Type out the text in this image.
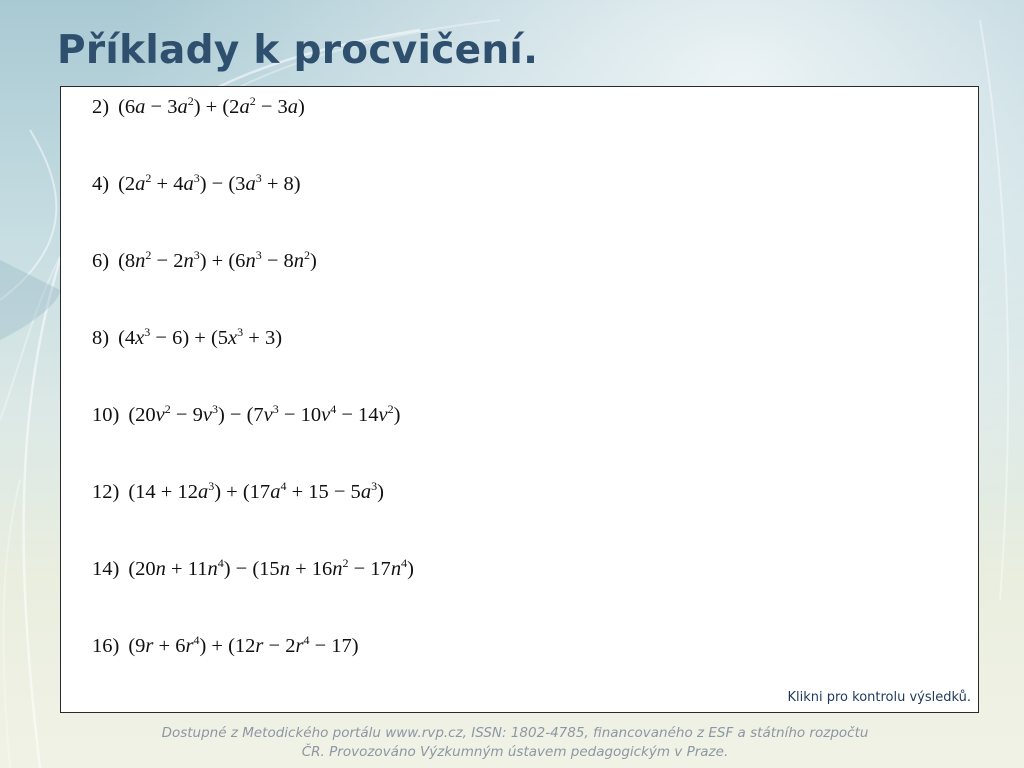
Příklady k procvičení.
2) $(6a - 3a^2) + (2a^2 - 3a)$
4) $(2a^2 + 4a^3) - (3a^3 + 8)$
6) $(8n^2 - 2n^3) + (6n^3 - 8n^2)$
8) $(4x^3 - 6) + (5x^3 + 3)$
10) $(20v^2 - 9v^3) - (7v^3 - 10v^4 - 14v^2)$
12) $(14 + 12a^3) + (17a^4 + 15 - 5a^3)$
14) $(20n + 11n^4) - (15n + 16n^2 - 17n^4)$
16) $(9r + 6r^4) + (12r - 2r^4 - 17)$
Klikni pro kontrolu výsledků.
Dostupné z Metodického portálu www.rvp.cz, ISSN: 1802-4785, financovaného z ESF a státního rozpočtu
ČR. Provozováno Výzkumným ústavem pedagogickým v Praze.
